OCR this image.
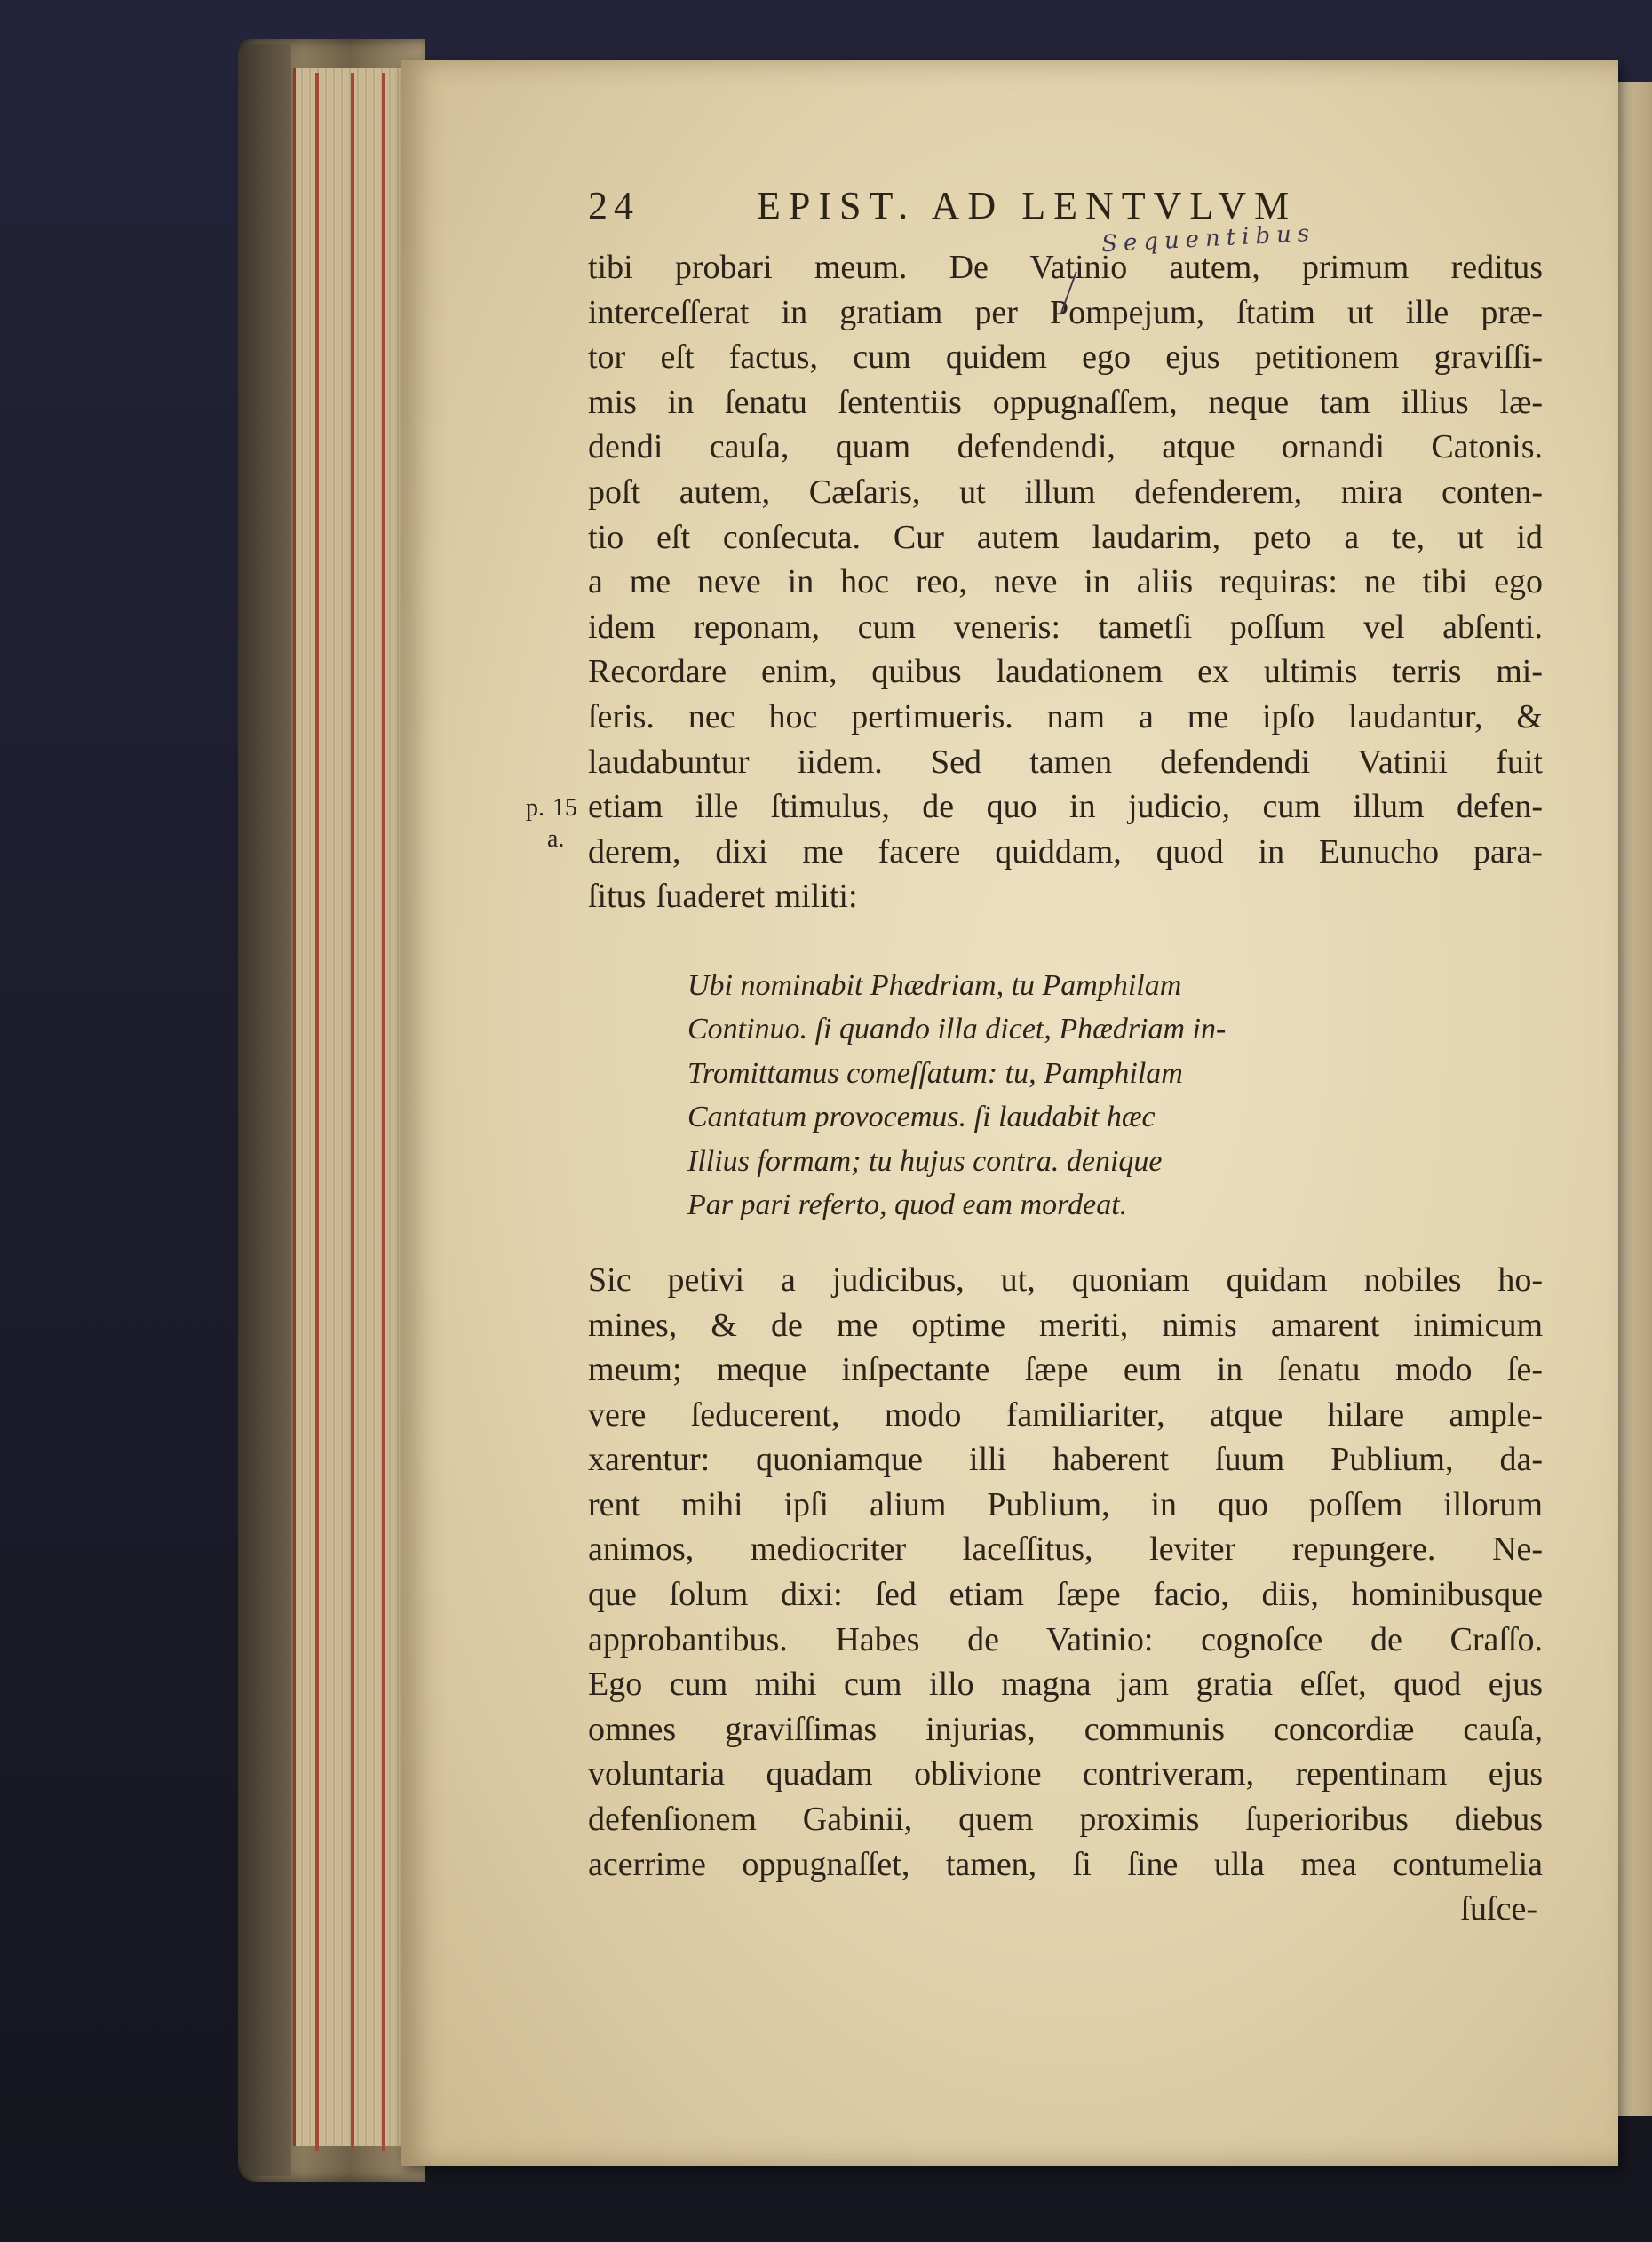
24	EPIST. AD LENTVLVM
Sequentibus
tibi probari meum. De Vatinio autem, primum reditus
interceſſerat in gratiam per Pompejum, ſtatim ut ille præ-
tor eſt factus, cum quidem ego ejus petitionem graviſſi-
mis in ſenatu ſententiis oppugnaſſem, neque tam illius læ-
dendi cauſa, quam defendendi, atque ornandi Catonis.
poſt autem, Cæſaris, ut illum defenderem, mira conten-
tio eſt conſecuta. Cur autem laudarim, peto a te, ut id
a me neve in hoc reo, neve in aliis requiras: ne tibi ego
idem reponam, cum veneris: tametſi poſſum vel abſenti.
Recordare enim, quibus laudationem ex ultimis terris mi-
ſeris. nec hoc pertimueris. nam a me ipſo laudantur, &
laudabuntur iidem. Sed tamen defendendi Vatinii fuit
p. 15 etiam ille ſtimulus, de quo in judicio, cum illum defen-
a. derem, dixi me facere quiddam, quod in Eunucho para-
ſitus ſuaderet militi:
Ubi nominabit Phædriam, tu Pamphilam
Continuo. ſi quando illa dicet, Phædriam in-
Tromittamus comeſſatum: tu, Pamphilam
Cantatum provocemus. ſi laudabit hæc
Illius formam; tu hujus contra. denique
Par pari referto, quod eam mordeat.
Sic petivi a judicibus, ut, quoniam quidam nobiles ho-
mines, & de me optime meriti, nimis amarent inimicum
meum; meque inſpectante ſæpe eum in ſenatu modo ſe-
vere ſeducerent, modo familiariter, atque hilare ample-
xarentur: quoniamque illi haberent ſuum Publium, da-
rent mihi ipſi alium Publium, in quo poſſem illorum
animos, mediocriter laceſſitus, leviter repungere. Ne-
que ſolum dixi: ſed etiam ſæpe facio, diis, hominibusque
approbantibus. Habes de Vatinio: cognoſce de Craſſo.
Ego cum mihi cum illo magna jam gratia eſſet, quod ejus
omnes graviſſimas injurias, communis concordiæ cauſa,
voluntaria quadam oblivione contriveram, repentinam ejus
defenſionem Gabinii, quem proximis ſuperioribus diebus
acerrime oppugnaſſet, tamen, ſi ſine ulla mea contumelia
ſuſce-
